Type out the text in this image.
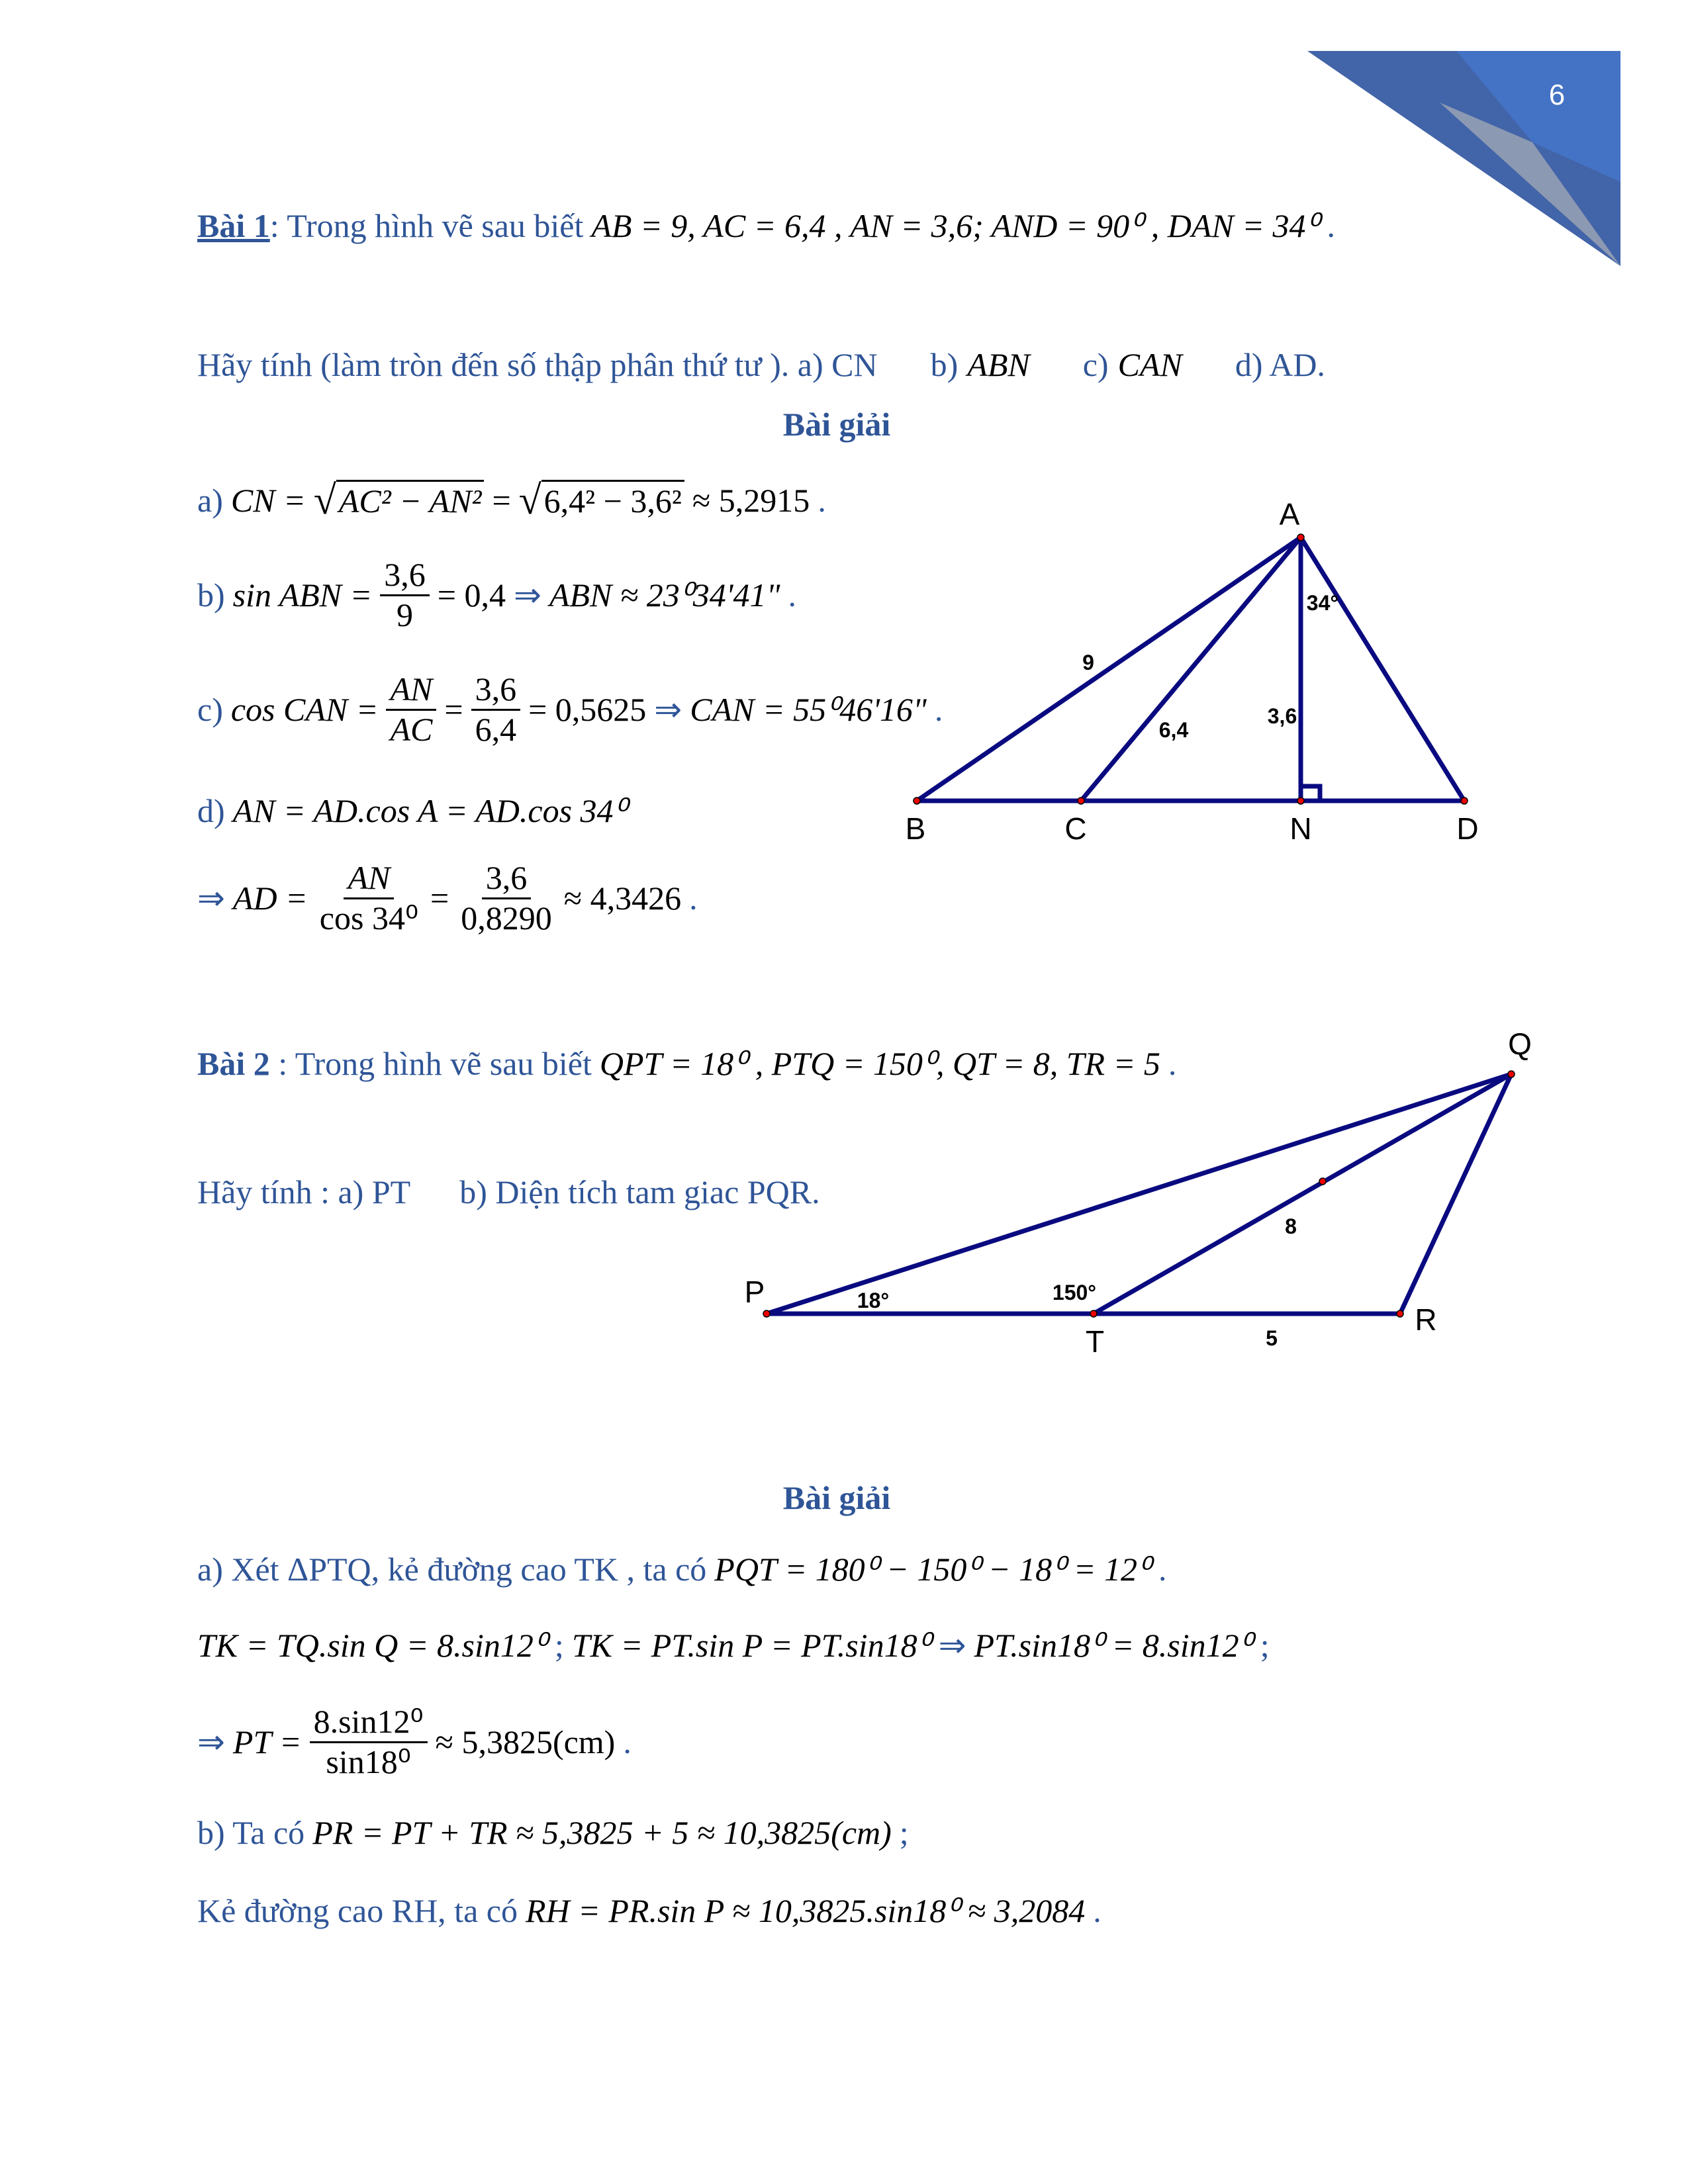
6
Bài 1: Trong hình vẽ sau biết AB = 9, AC = 6,4 , AN = 3,6; AND = 90⁰ , DAN = 34⁰ .
Hãy tính (làm tròn đến số thập phân thứ tư ). a) CN b) ABN c) CAN d) AD.
Bài giải
a) CN = √ AC² − AN² = √ 6,4² − 3,6² ≈ 5,2915 .
b) sin ABN = $\frac{3,6}{9} = 0,4$ ⇒ ABN ≈ 23⁰34'41" .
c) cos CAN = $\frac{AN}{AC} = \frac{3,6}{6,4} = 0,5625$ ⇒ CAN = 55⁰46'16" .
d) AN = AD.cos A = AD.cos 34⁰
⇒ AD = $\frac{AN}{\text{cos 34⁰}} = \frac{3,6}{0,8290} \approx 4,3426$ .
A
B	C	N	D
9
6,4
3,6
34°
Bài 2 : Trong hình vẽ sau biết QPT = 18⁰ , PTQ = 150⁰, QT = 8, TR = 5 .
Hãy tính : a) PT      b) Diện tích tam giac PQR.
P
Q
T
R
18°	150°
8
5
Bài giải
a) Xét ΔPTQ, kẻ đường cao TK , ta có PQT = 180⁰ − 150⁰ − 18⁰ = 12⁰ .
TK = TQ.sin Q = 8.sin12⁰ ; TK = PT.sin P = PT.sin18⁰ ⇒ PT.sin18⁰ = 8.sin12⁰ ;
⇒ PT = $\frac{\text{8.sin12⁰}}{\text{sin18⁰}} \approx 5,3825(cm)$ .
b) Ta có PR = PT + TR ≈ 5,3825 + 5 ≈ 10,3825(cm) ;
Kẻ đường cao RH, ta có RH = PR.sin P ≈ 10,3825.sin18⁰ ≈ 3,2084 .
